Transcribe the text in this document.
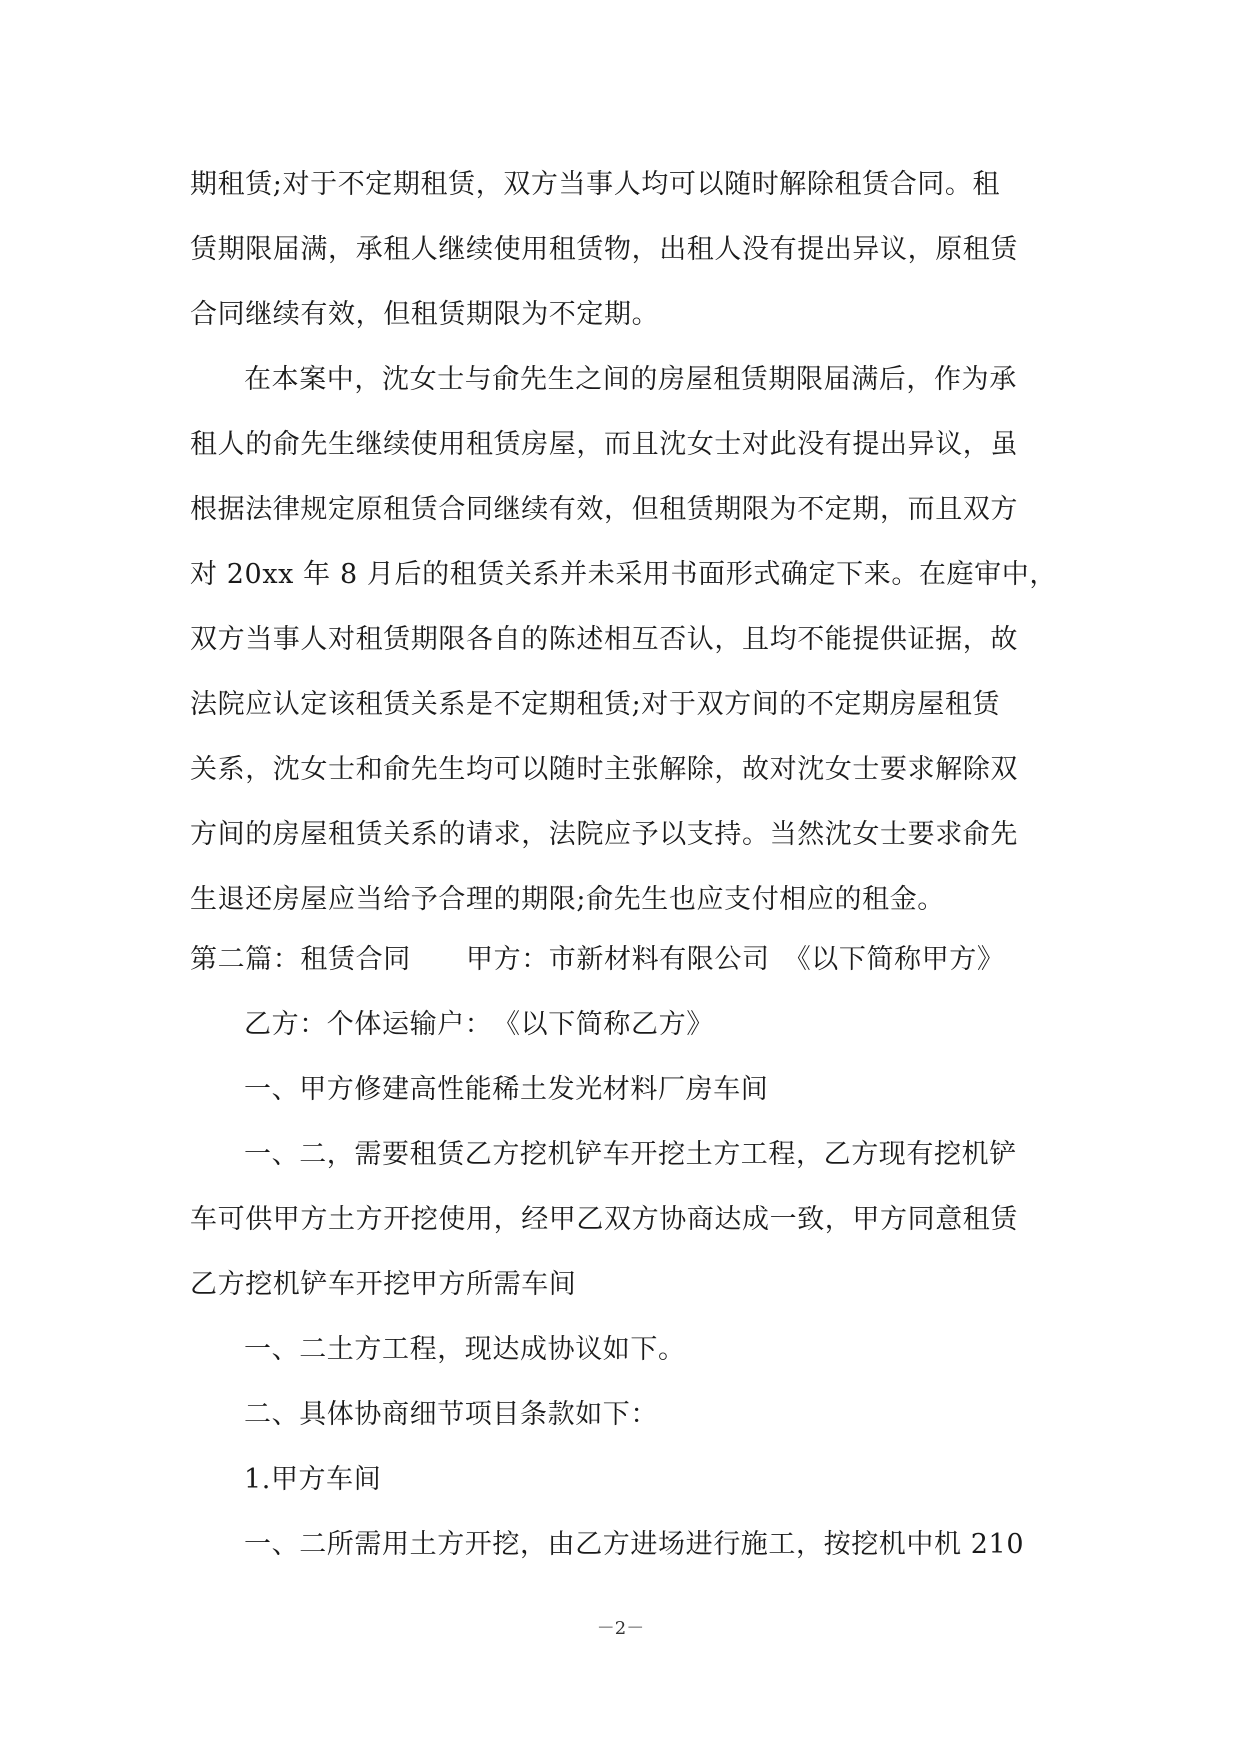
期租赁;对于不定期租赁，双方当事人均可以随时解除租赁合同。租
赁期限届满，承租人继续使用租赁物，出租人没有提出异议，原租赁
合同继续有效，但租赁期限为不定期。
在本案中，沈女士与俞先生之间的房屋租赁期限届满后，作为承
租人的俞先生继续使用租赁房屋，而且沈女士对此没有提出异议，虽
根据法律规定原租赁合同继续有效，但租赁期限为不定期，而且双方
对 20xx 年 8 月后的租赁关系并未采用书面形式确定下来。在庭审中，
双方当事人对租赁期限各自的陈述相互否认，且均不能提供证据，故
法院应认定该租赁关系是不定期租赁;对于双方间的不定期房屋租赁
关系，沈女士和俞先生均可以随时主张解除，故对沈女士要求解除双
方间的房屋租赁关系的请求，法院应予以支持。当然沈女士要求俞先
生退还房屋应当给予合理的期限;俞先生也应支付相应的租金。
第二篇：租赁合同　　甲方：市新材料有限公司　《以下简称甲方》
乙方：个体运输户：　《以下简称乙方》
一、甲方修建高性能稀土发光材料厂房车间
一、二，需要租赁乙方挖机铲车开挖土方工程，乙方现有挖机铲
车可供甲方土方开挖使用，经甲乙双方协商达成一致，甲方同意租赁
乙方挖机铲车开挖甲方所需车间
一、二土方工程，现达成协议如下。
二、具体协商细节项目条款如下：
1.甲方车间
一、二所需用土方开挖，由乙方进场进行施工，按挖机中机 210
－2－
